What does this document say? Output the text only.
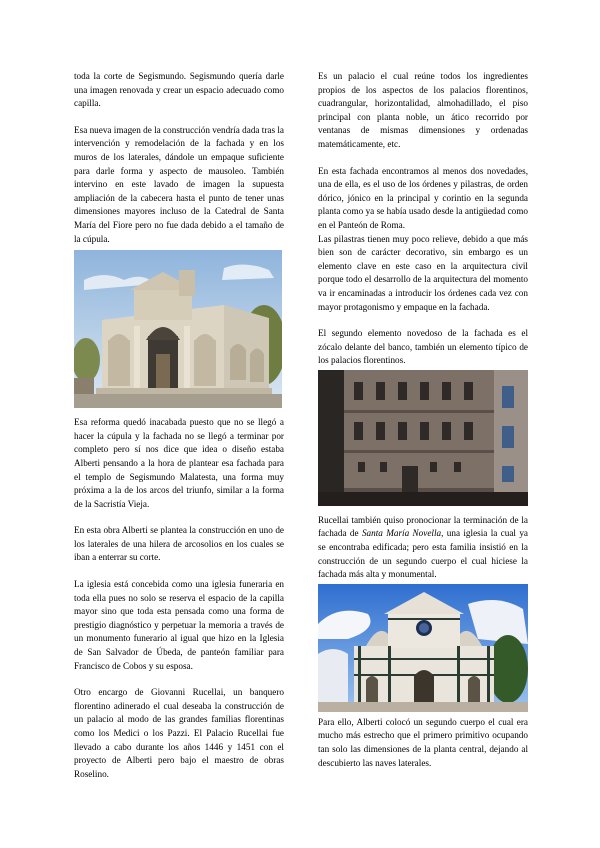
toda la corte de Segismundo. Segismundo quería darle una imagen renovada y crear un espacio adecuado como capilla.

Esa nueva imagen de la construcción vendría dada tras la intervención y remodelación de la fachada y en los muros de los laterales, dándole un empaque suficiente para darle forma y aspecto de mausoleo. También intervino en este lavado de imagen la supuesta ampliación de la cabecera hasta el punto de tener unas dimensiones mayores incluso de la Catedral de Santa María del Fiore pero no fue dada debido a el tamaño de la cúpula.

Esa reforma quedó inacabada puesto que no se llegó a hacer la cúpula y la fachada no se llegó a terminar por completo pero sí nos dice que idea o diseño estaba Alberti pensando a la hora de plantear esa fachada para el templo de Segismundo Malatesta, una forma muy próxima a la de los arcos del triunfo, similar a la forma de la Sacristía Vieja.

En esta obra Alberti se plantea la construcción en uno de los laterales de una hilera de arcosolios en los cuales se iban a enterrar su corte.

La iglesia está concebida como una iglesia funeraria en toda ella pues no solo se reserva el espacio de la capilla mayor sino que toda esta pensada como una forma de prestigio diagnóstico y perpetuar la memoria a través de un monumento funerario al igual que hizo en la Iglesia de San Salvador de Úbeda, de panteón familiar para Francisco de Cobos y su esposa.

Otro encargo de Giovanni Rucellai, un banquero florentino adinerado el cual deseaba la construcción de un palacio al modo de las grandes familias florentinas como los Medici o los Pazzi. El Palacio Rucellai fue llevado a cabo durante los años 1446 y 1451 con el proyecto de Alberti pero bajo el maestro de obras Roselino.

Es un palacio el cual reúne todos los ingredientes propios de los aspectos de los palacios florentinos, cuadrangular, horizontalidad, almohadillado, el piso principal con planta noble, un ático recorrido por ventanas de mismas dimensiones y ordenadas matemáticamente, etc.

En esta fachada encontramos al menos dos novedades, una de ella, es el uso de los órdenes y pilastras, de orden dórico, jónico en la principal y corintio en la segunda planta como ya se había usado desde la antigüedad como en el Panteón de Roma.

Las pilastras tienen muy poco relieve, debido a que más bien son de carácter decorativo, sin embargo es un elemento clave en este caso en la arquitectura civil porque todo el desarrollo de la arquitectura del momento va ir encaminadas a introducir los órdenes cada vez con mayor protagonismo y empaque en la fachada.

El segundo elemento novedoso de la fachada es el zócalo delante del banco, también un elemento típico de los palacios florentinos.

Rucellai también quiso pronocionar la terminación de la fachada de Santa María Novella, una iglesia la cual ya se encontraba edificada; pero esta familia insistió en la construcción de un segundo cuerpo el cual hiciese la fachada más alta y monumental.

Para ello, Alberti colocó un segundo cuerpo el cual era mucho más estrecho que el primero primitivo ocupando tan solo las dimensiones de la planta central, dejando al descubierto las naves laterales.
